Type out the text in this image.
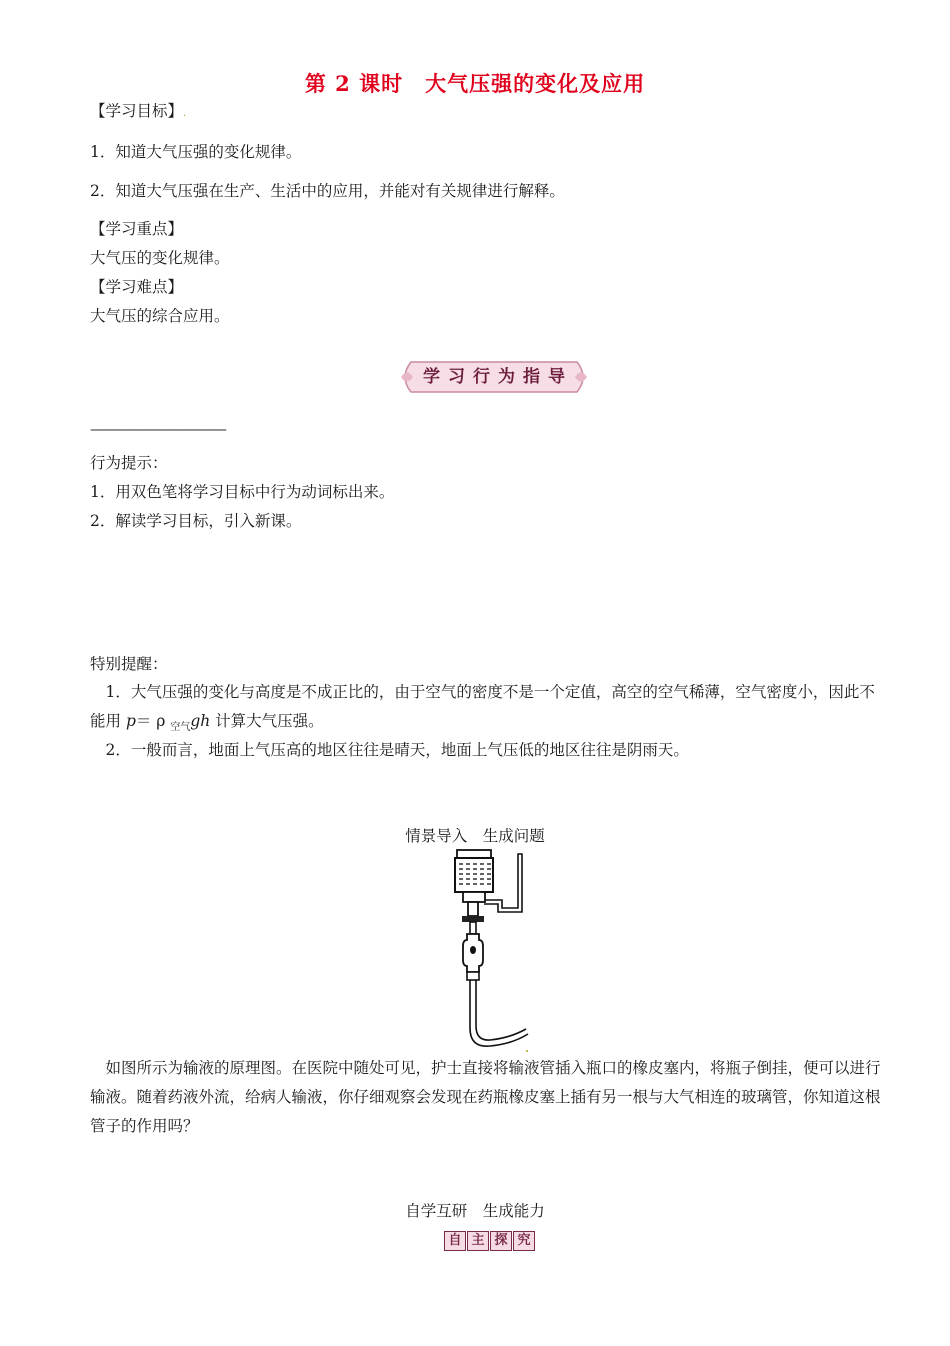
第 2 课时　大气压强的变化及应用
【学习目标】.
1．知道大气压强的变化规律。
2．知道大气压强在生产、生活中的应用，并能对有关规律进行解释。
【学习重点】
大气压的变化规律。
【学习难点】
大气压的综合应用。
学习行为指导
——————————
行为提示：
1．用双色笔将学习目标中行为动词标出来。
2．解读学习目标，引入新课。
特别提醒：
1．大气压强的变化与高度是不成正比的，由于空气的密度不是一个定值，高空的空气稀薄，空气密度小，因此不能用 p＝ ρ $_{空气}$gh 计算大气压强。
2．一般而言，地面上气压高的地区往往是晴天，地面上气压低的地区往往是阴雨天。
情景导入　生成问题
如图所示为输液的原理图。在医院中随处可见，护士直接将输液管插入瓶口的橡皮塞内，将瓶子倒挂，便可以进行输液。随着药液外流，给病人输液，你仔细观察会发现在药瓶橡皮塞上插有另一根与大气相连的玻璃管，你知道这根管子的作用吗？
自学互研　生成能力
自 主 探 究
